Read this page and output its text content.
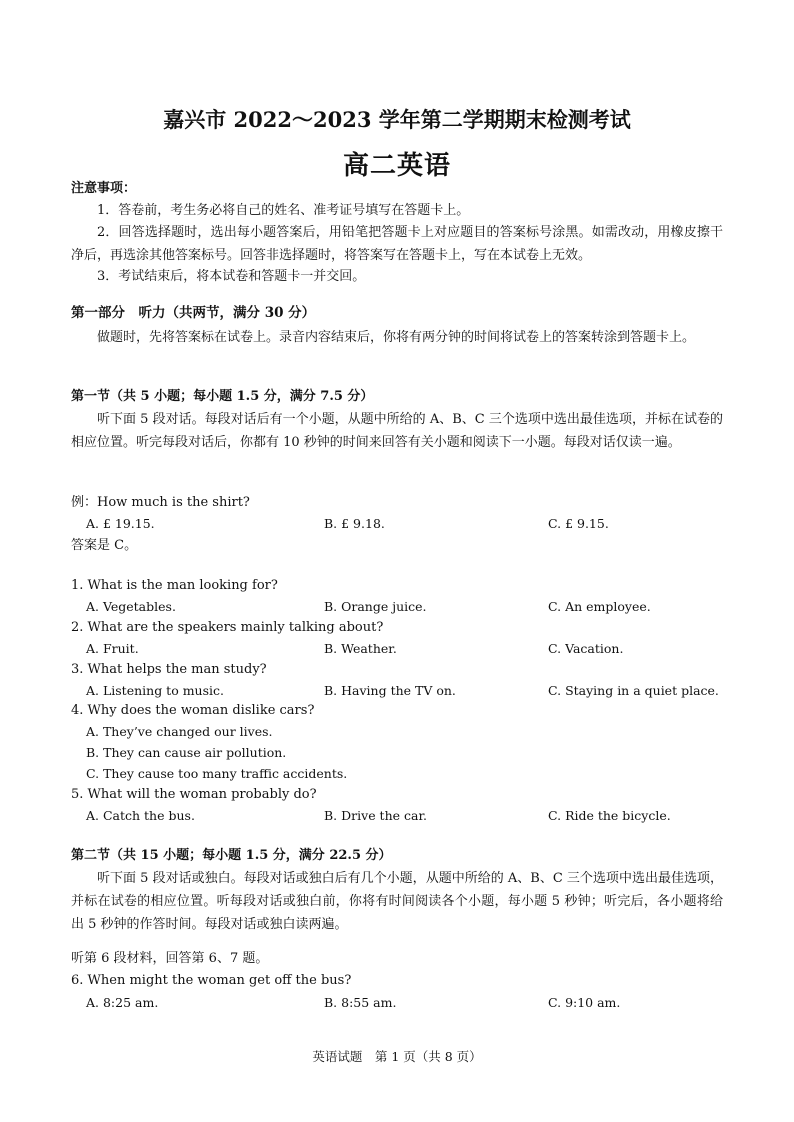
嘉兴市 2022～2023 学年第二学期期末检测考试
高二英语
注意事项：
1．答卷前，考生务必将自己的姓名、准考证号填写在答题卡上。
2．回答选择题时，选出每小题答案后，用铅笔把答题卡上对应题目的答案标号涂黑。如需改动，用橡皮擦干净后，再选涂其他答案标号。回答非选择题时，将答案写在答题卡上，写在本试卷上无效。
3．考试结束后，将本试卷和答题卡一并交回。
第一部分　听力（共两节，满分 30 分）
做题时，先将答案标在试卷上。录音内容结束后，你将有两分钟的时间将试卷上的答案转涂到答题卡上。
第一节（共 5 小题；每小题 1.5 分，满分 7.5 分）
听下面 5 段对话。每段对话后有一个小题，从题中所给的 A、B、C 三个选项中选出最佳选项，并标在试卷的相应位置。听完每段对话后，你都有 10 秒钟的时间来回答有关小题和阅读下一小题。每段对话仅读一遍。
例：How much is the shirt?
A. £ 19.15.	B. £ 9.18.	C. £ 9.15.
答案是 C。
1. What is the man looking for?
A. Vegetables.	B. Orange juice.	C. An employee.
2. What are the speakers mainly talking about?
A. Fruit.	B. Weather.	C. Vacation.
3. What helps the man study?
A. Listening to music.	B. Having the TV on.	C. Staying in a quiet place.
4. Why does the woman dislike cars?
A. They’ve changed our lives.
B. They can cause air pollution.
C. They cause too many traffic accidents.
5. What will the woman probably do?
A. Catch the bus.	B. Drive the car.	C. Ride the bicycle.
第二节（共 15 小题；每小题 1.5 分，满分 22.5 分）
听下面 5 段对话或独白。每段对话或独白后有几个小题，从题中所给的 A、B、C 三个选项中选出最佳选项，并标在试卷的相应位置。听每段对话或独白前，你将有时间阅读各个小题，每小题 5 秒钟；听完后，各小题将给出 5 秒钟的作答时间。每段对话或独白读两遍。
听第 6 段材料，回答第 6、7 题。
6. When might the woman get off the bus?
A. 8:25 am.	B. 8:55 am.	C. 9:10 am.
英语试题　第 1 页（共 8 页）
